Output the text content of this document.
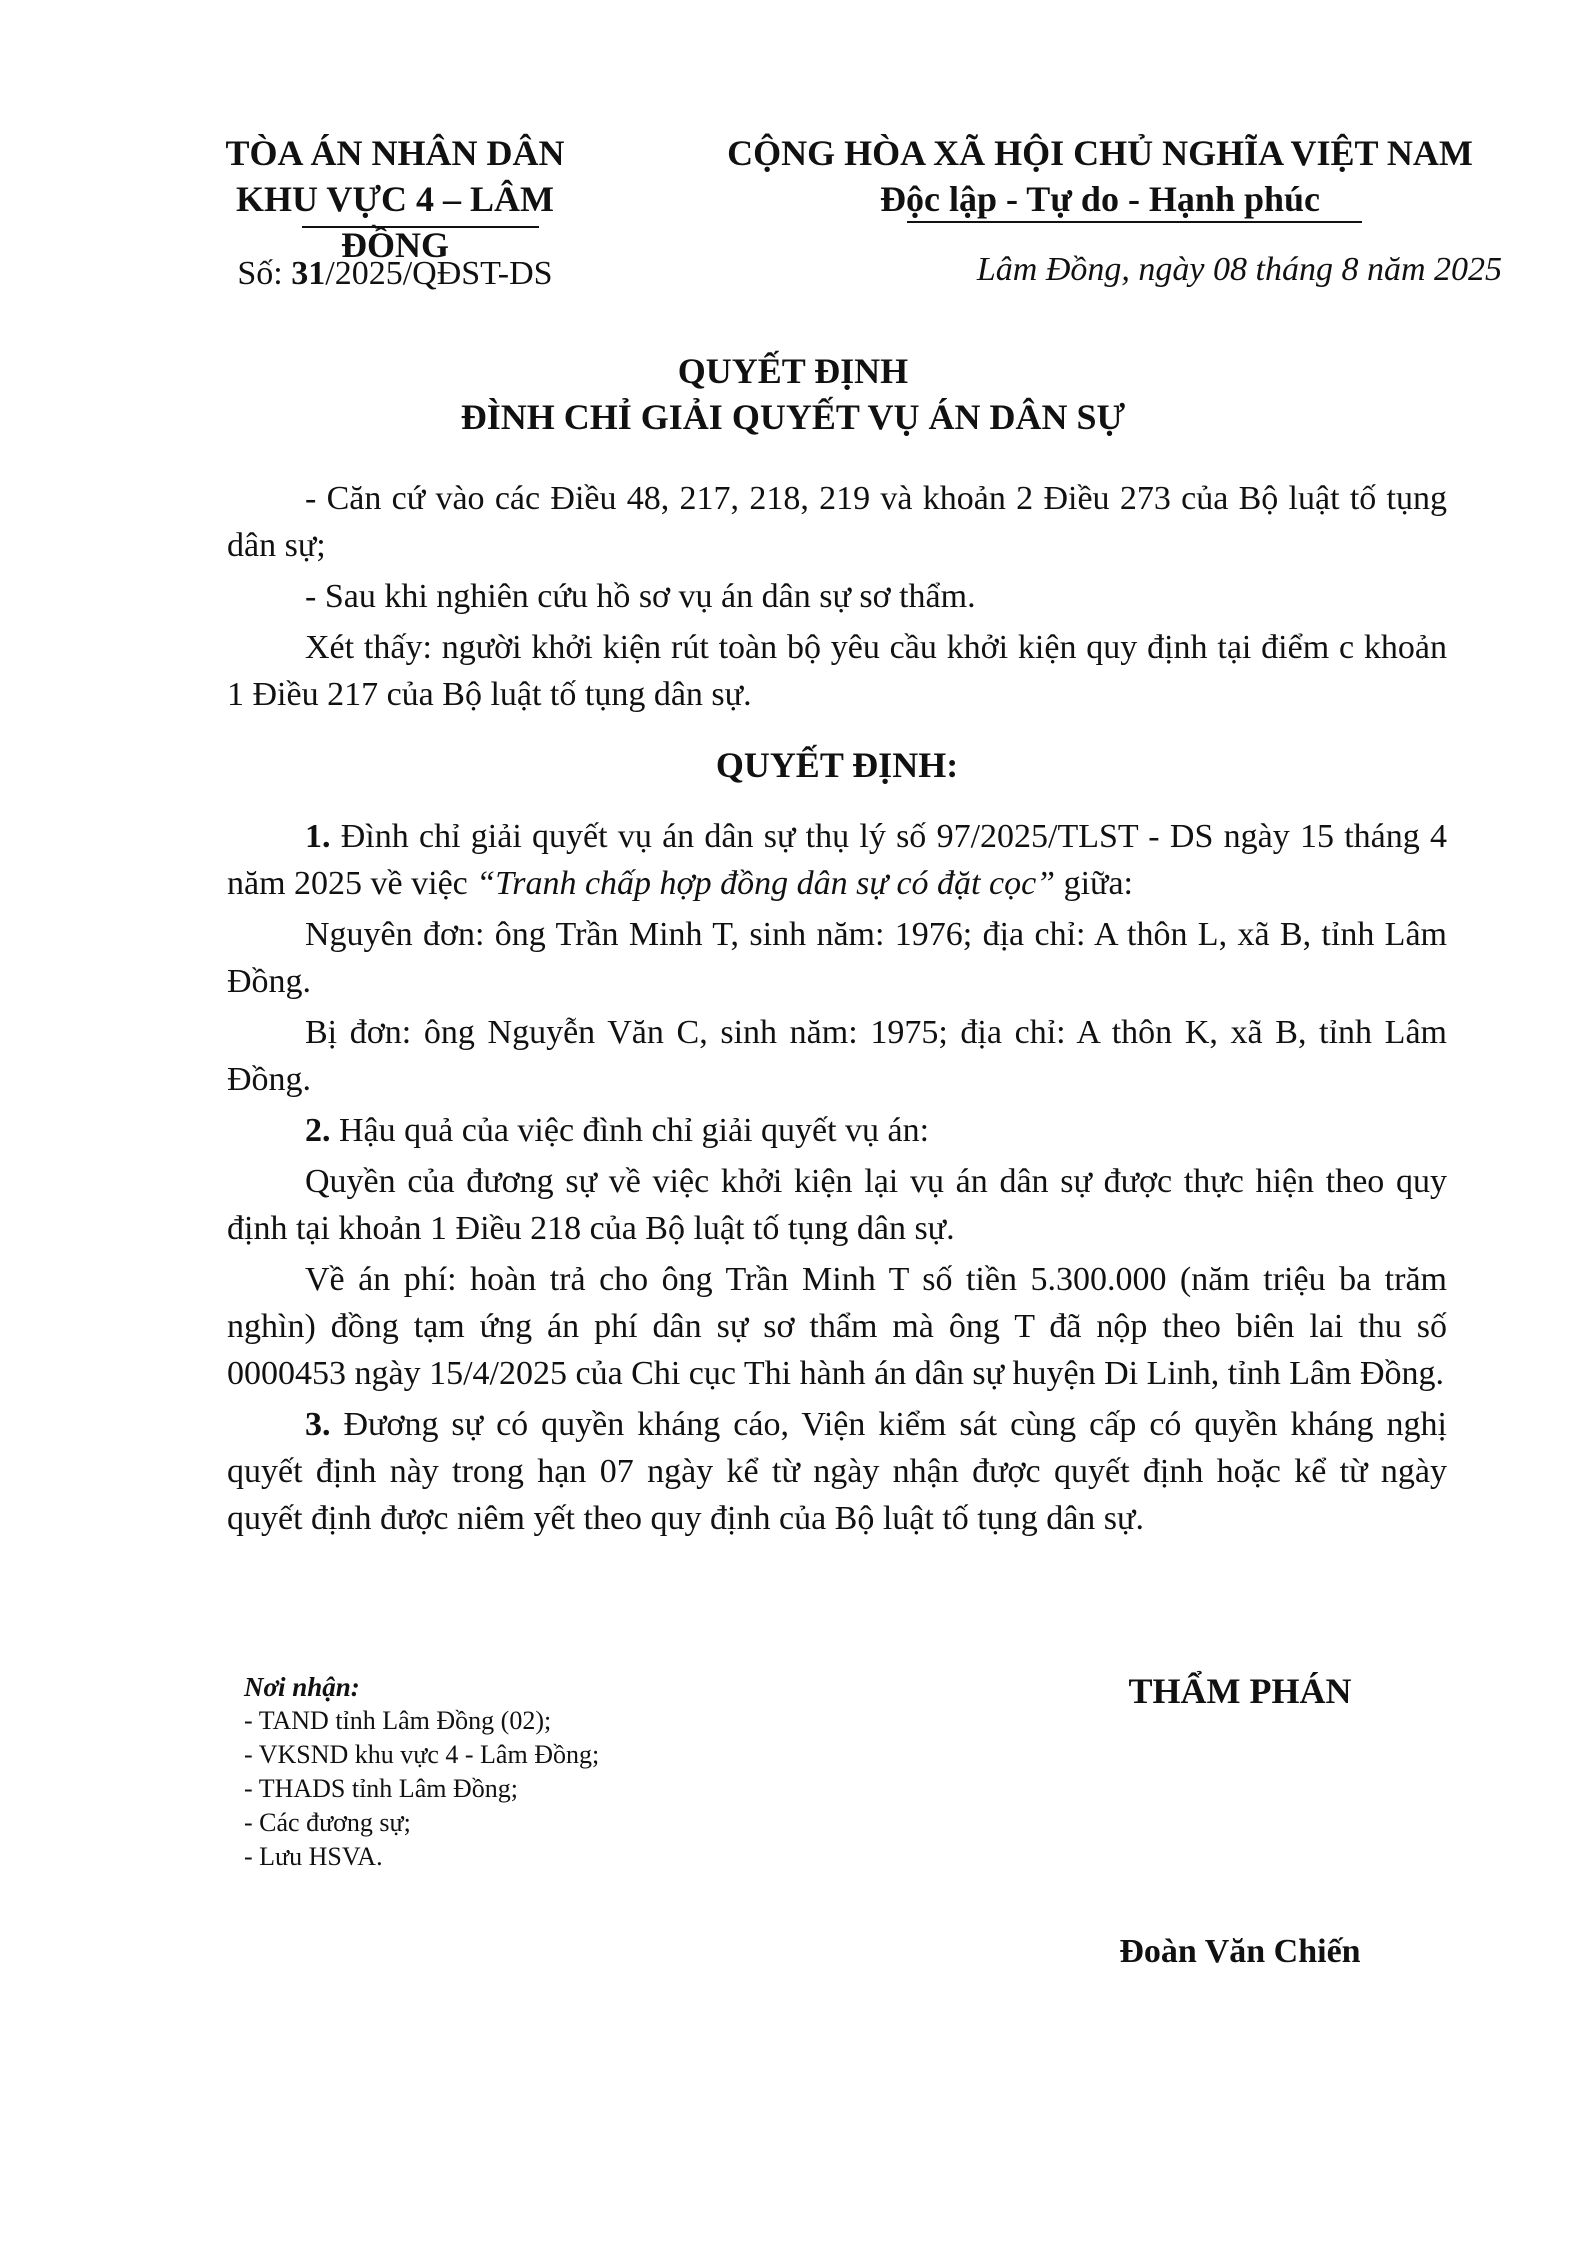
TÒA ÁN NHÂN DÂN
KHU VỰC 4 – LÂM ĐỒNG
CỘNG HÒA XÃ HỘI CHỦ NGHĨA VIỆT NAM
Độc lập - Tự do - Hạnh phúc
Số: 31/2025/QĐST-DS	Lâm Đồng, ngày 08 tháng 8 năm 2025
QUYẾT ĐỊNH
ĐÌNH CHỈ GIẢI QUYẾT VỤ ÁN DÂN SỰ

- Căn cứ vào các Điều 48, 217, 218, 219 và khoản 2 Điều 273 của Bộ luật tố tụng dân sự;

- Sau khi nghiên cứu hồ sơ vụ án dân sự sơ thẩm.

Xét thấy: người khởi kiện rút toàn bộ yêu cầu khởi kiện quy định tại điểm c khoản 1 Điều 217 của Bộ luật tố tụng dân sự.

QUYẾT ĐỊNH:

1. Đình chỉ giải quyết vụ án dân sự thụ lý số 97/2025/TLST - DS ngày 15 tháng 4 năm 2025 về việc “Tranh chấp hợp đồng dân sự có đặt cọc” giữa:

Nguyên đơn: ông Trần Minh T, sinh năm: 1976; địa chỉ: A thôn L, xã B, tỉnh Lâm Đồng.

Bị đơn: ông Nguyễn Văn C, sinh năm: 1975; địa chỉ: A thôn K, xã B, tỉnh Lâm Đồng.

2. Hậu quả của việc đình chỉ giải quyết vụ án:

Quyền của đương sự về việc khởi kiện lại vụ án dân sự được thực hiện theo quy định tại khoản 1 Điều 218 của Bộ luật tố tụng dân sự.

Về án phí: hoàn trả cho ông Trần Minh T số tiền 5.300.000 (năm triệu ba trăm nghìn) đồng tạm ứng án phí dân sự sơ thẩm mà ông T đã nộp theo biên lai thu số 0000453 ngày 15/4/2025 của Chi cục Thi hành án dân sự huyện Di Linh, tỉnh Lâm Đồng.

3. Đương sự có quyền kháng cáo, Viện kiểm sát cùng cấp có quyền kháng nghị quyết định này trong hạn 07 ngày kể từ ngày nhận được quyết định hoặc kể từ ngày quyết định được niêm yết theo quy định của Bộ luật tố tụng dân sự.

Nơi nhận:
- TAND tỉnh Lâm Đồng (02);
- VKSND khu vực 4 - Lâm Đồng;
- THADS tỉnh Lâm Đồng;
- Các đương sự;
- Lưu HSVA.
THẨM PHÁN
Đoàn Văn Chiến
